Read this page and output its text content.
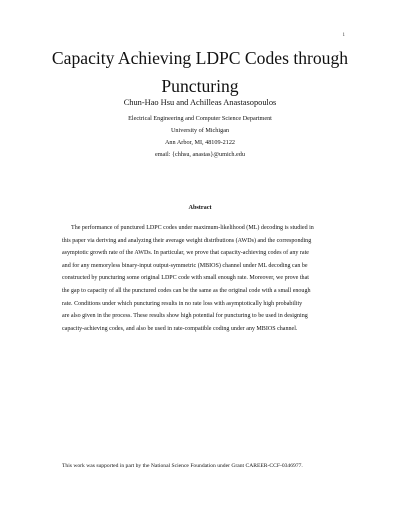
1
Capacity Achieving LDPC Codes through
Puncturing
Chun-Hao Hsu and Achilleas Anastasopoulos
Electrical Engineering and Computer Science Department
University of Michigan
Ann Arbor, MI, 48109-2122
email: {chhsu, anastas}@umich.edu
Abstract
The performance of punctured LDPC codes under maximum-likelihood (ML) decoding is studied in
this paper via deriving and analyzing their average weight distributions (AWDs) and the corresponding
asymptotic growth rate of the AWDs. In particular, we prove that capacity-achieving codes of any rate
and for any memoryless binary-input output-symmetric (MBIOS) channel under ML decoding can be
constructed by puncturing some original LDPC code with small enough rate. Moreover, we prove that
the gap to capacity of all the punctured codes can be the same as the original code with a small enough
rate. Conditions under which puncturing results in no rate loss with asymptotically high probability
are also given in the process. These results show high potential for puncturing to be used in designing
capacity-achieving codes, and also be used in rate-compatible coding under any MBIOS channel.
This work was supported in part by the National Science Foundation under Grant CAREER-CCF-0346977.
